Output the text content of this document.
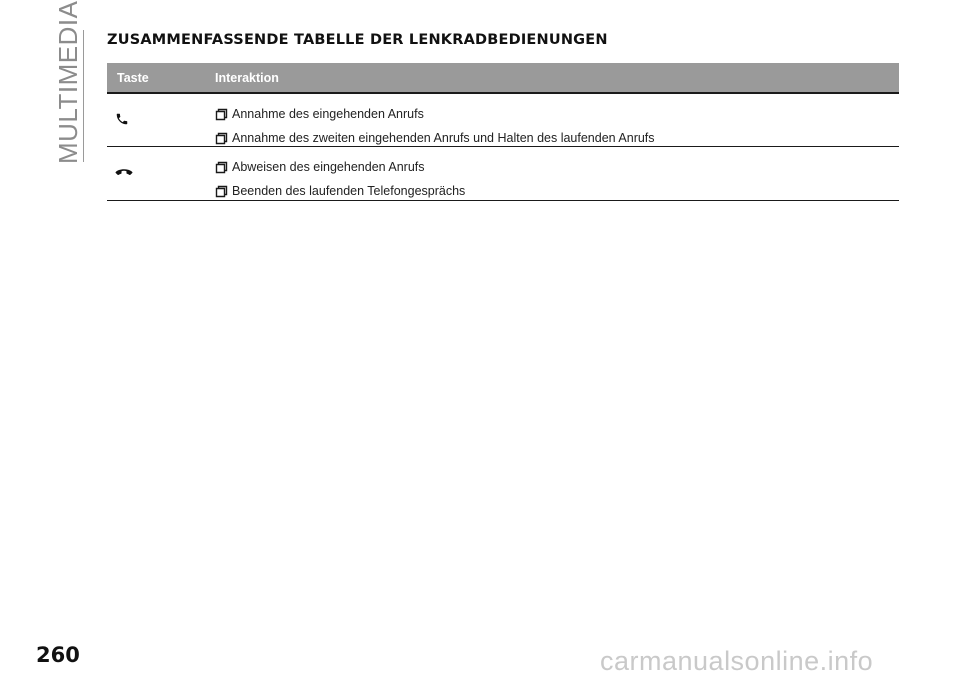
MULTIMEDIA ZUSAMMENFASSENDE TABELLE DER LENKRADBEDIENUNGEN
Taste	Interaktion
Annahme des eingehenden Anrufs
Annahme des zweiten eingehenden Anrufs und Halten des laufenden Anrufs
Abweisen des eingehenden Anrufs
Beenden des laufenden Telefongesprächs
260	carmanualsonline.info
